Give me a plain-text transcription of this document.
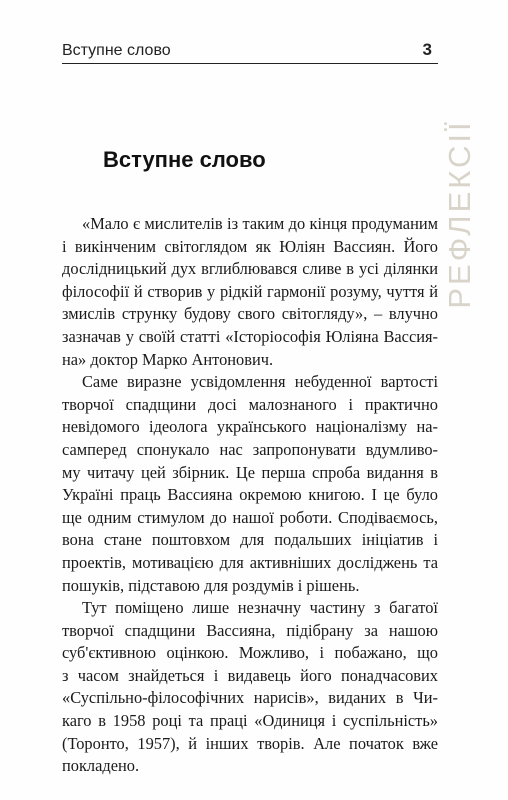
Вступне слово	3
РЕФЛЕКСІЇ
Вступне слово
«Мало є мислителів із таким до кінця продуманим
і викінченим світоглядом як Юліян Вассиян. Його
дослідницький дух вглиблювався сливе в усі ділянки
філософії й створив у рідкій гармонії розуму, чуття й
змислів струнку будову свого світогляду», – влучно
зазначав у своїй статті «Історіософія Юліяна Вассия-
на» доктор Марко Антонович.
Саме виразне усвідомлення небуденної вартості
творчої спадщини досі малознаного і практично
невідомого ідеолога українського націоналізму на-
самперед спонукало нас запропонувати вдумливо-
му читачу цей збірник. Це перша спроба видання в
Україні праць Вассияна окремою книгою. І це було
ще одним стимулом до нашої роботи. Сподіваємось,
вона стане поштовхом для подальших ініціатив і
проектів, мотивацією для активніших досліджень та
пошуків, підставою для роздумів і рішень.
Тут поміщено лише незначну частину з багатої
творчої спадщини Вассияна, підібрану за нашою
суб'єктивною оцінкою. Можливо, і побажано, що
з часом знайдеться і видавець його понадчасових
«Суспільно-філософічних нарисів», виданих в Чи-
каго в 1958 році та праці «Одиниця і суспільність»
(Торонто, 1957), й інших творів. Але початок вже
покладено.
